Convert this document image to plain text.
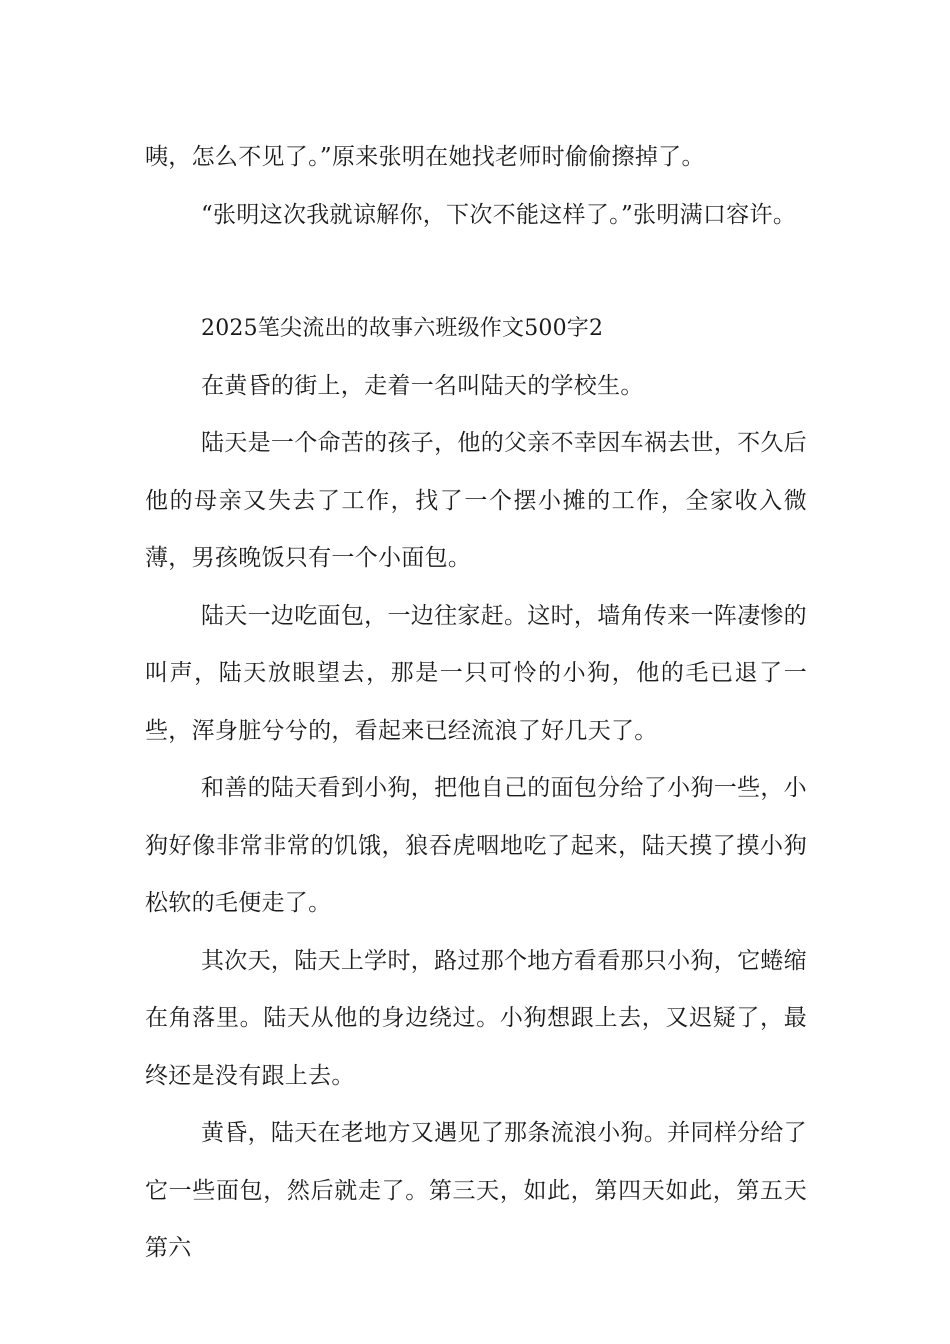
咦，怎么不见了。”原来张明在她找老师时偷偷擦掉了。

“张明这次我就谅解你，下次不能这样了。”张明满口容许。

2025笔尖流出的故事六班级作文500字2

在黄昏的街上，走着一名叫陆天的学校生。

陆天是一个命苦的孩子，他的父亲不幸因车祸去世，不久后他的母亲又失去了工作，找了一个摆小摊的工作，全家收入微薄，男孩晚饭只有一个小面包。

陆天一边吃面包，一边往家赶。这时，墙角传来一阵凄惨的叫声，陆天放眼望去，那是一只可怜的小狗，他的毛已退了一些，浑身脏兮兮的，看起来已经流浪了好几天了。

和善的陆天看到小狗，把他自己的面包分给了小狗一些，小狗好像非常非常的饥饿，狼吞虎咽地吃了起来，陆天摸了摸小狗松软的毛便走了。

其次天，陆天上学时，路过那个地方看看那只小狗，它蜷缩在角落里。陆天从他的身边绕过。小狗想跟上去，又迟疑了，最终还是没有跟上去。

黄昏，陆天在老地方又遇见了那条流浪小狗。并同样分给了它一些面包，然后就走了。第三天，如此，第四天如此，第五天第六
